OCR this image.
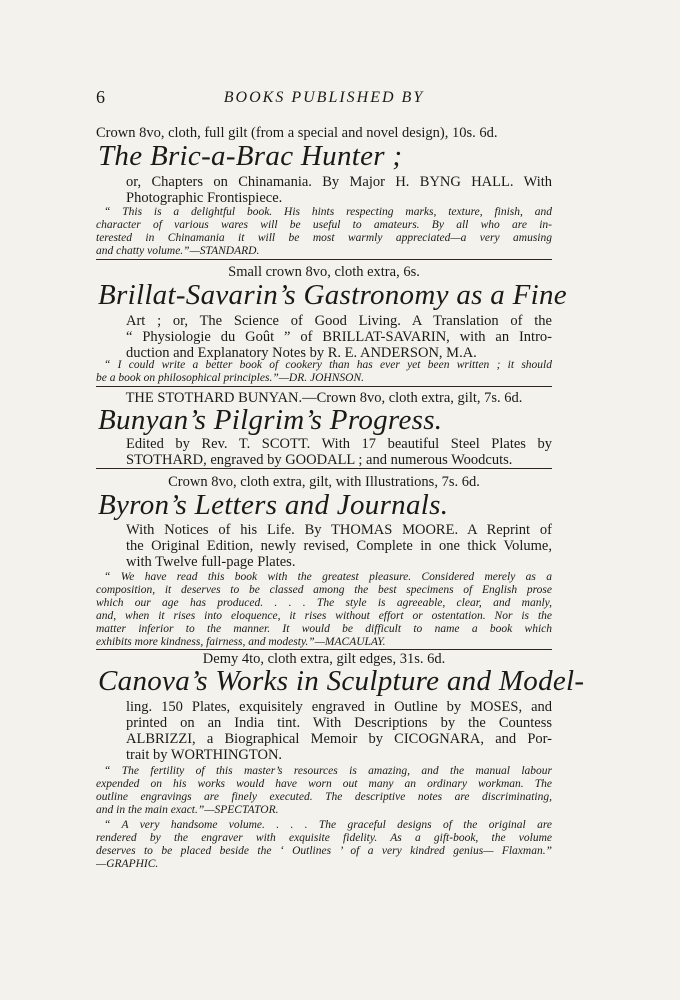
6	BOOKS PUBLISHED BY
Crown 8vo, cloth, full gilt (from a special and novel design), 10s. 6d.
The Bric-a-Brac Hunter ;
or, Chapters on Chinamania. By Major H. BYNG HALL. With
Photographic Frontispiece.
“ This is a delightful book. His hints respecting marks, texture, finish, and
character of various wares will be useful to amateurs. By all who are in-
terested in Chinamania it will be most warmly appreciated—a very amusing
and chatty volume.”—STANDARD.
Small crown 8vo, cloth extra, 6s.
Brillat-Savarin’s Gastronomy as a Fine
Art ; or, The Science of Good Living. A Translation of the
“ Physiologie du Goût ” of BRILLAT-SAVARIN, with an Intro-
duction and Explanatory Notes by R. E. ANDERSON, M.A.
“ I could write a better book of cookery than has ever yet been written ; it should
be a book on philosophical principles.”—DR. JOHNSON.
THE STOTHARD BUNYAN.—Crown 8vo, cloth extra, gilt, 7s. 6d.
Bunyan’s Pilgrim’s Progress.
Edited by Rev. T. SCOTT. With 17 beautiful Steel Plates by
STOTHARD, engraved by GOODALL ; and numerous Woodcuts.
Crown 8vo, cloth extra, gilt, with Illustrations, 7s. 6d.
Byron’s Letters and Journals.
With Notices of his Life. By THOMAS MOORE. A Reprint of
the Original Edition, newly revised, Complete in one thick Volume,
with Twelve full-page Plates.
“ We have read this book with the greatest pleasure. Considered merely as a
composition, it deserves to be classed among the best specimens of English prose
which our age has produced. . . . The style is agreeable, clear, and manly,
and, when it rises into eloquence, it rises without effort or ostentation. Nor is the
matter inferior to the manner. It would be difficult to name a book which
exhibits more kindness, fairness, and modesty.”—MACAULAY.
Demy 4to, cloth extra, gilt edges, 31s. 6d.
Canova’s Works in Sculpture and Model-
ling. 150 Plates, exquisitely engraved in Outline by MOSES, and
printed on an India tint. With Descriptions by the Countess
ALBRIZZI, a Biographical Memoir by CICOGNARA, and Por-
trait by WORTHINGTON.
“ The fertility of this master’s resources is amazing, and the manual labour
expended on his works would have worn out many an ordinary workman. The
outline engravings are finely executed. The descriptive notes are discriminating,
and in the main exact.”—SPECTATOR.
“ A very handsome volume. . . . The graceful designs of the original are
rendered by the engraver with exquisite fidelity. As a gift-book, the volume
deserves to be placed beside the ‘ Outlines ’ of a very kindred genius— Flaxman.”
—GRAPHIC.
